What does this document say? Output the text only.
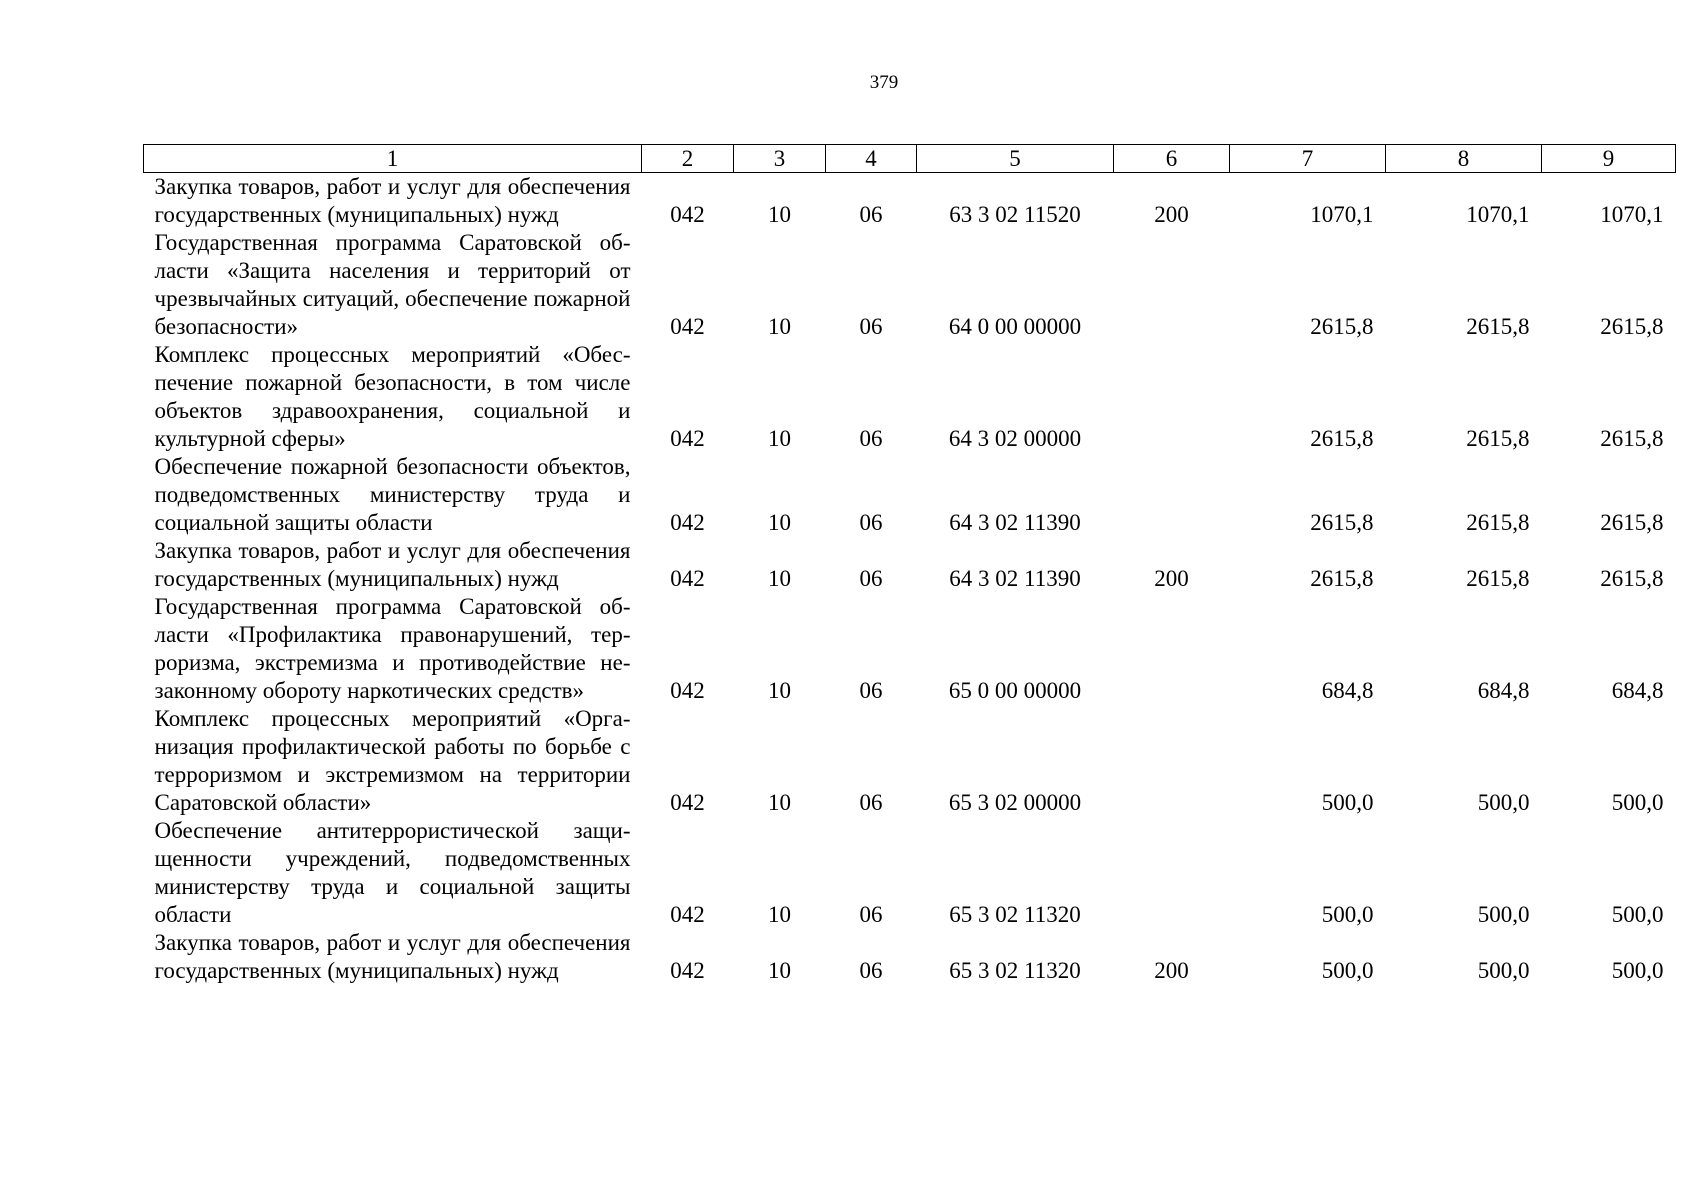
379
1	2	3	4	5	6	7	8	9
Закупка товаров, работ и услуг для обеспечения государственных (муниципальных) нужд	042	10	06	63 3 02 11520	200	1070,1	1070,1	1070,1
Государственная программа Саратовской области «Защита населения и территорий от чрезвычайных ситуаций, обеспечение пожарной безопасности»	042	10	06	64 0 00 00000		2615,8	2615,8	2615,8
Комплекс процессных мероприятий «Обеспечение пожарной безопасности, в том числе объектов здравоохранения, социальной и культурной сферы»	042	10	06	64 3 02 00000		2615,8	2615,8	2615,8
Обеспечение пожарной безопасности объектов, подведомственных министерству труда и социальной защиты области	042	10	06	64 3 02 11390		2615,8	2615,8	2615,8
Закупка товаров, работ и услуг для обеспечения государственных (муниципальных) нужд	042	10	06	64 3 02 11390	200	2615,8	2615,8	2615,8
Государственная программа Саратовской области «Профилактика правонарушений, терроризма, экстремизма и противодействие незаконному обороту наркотических средств»	042	10	06	65 0 00 00000		684,8	684,8	684,8
Комплекс процессных мероприятий «Организация профилактической работы по борьбе с терроризмом и экстремизмом на территории Саратовской области»	042	10	06	65 3 02 00000		500,0	500,0	500,0
Обеспечение антитеррористической защищенности учреждений, подведомственных министерству труда и социальной защиты области	042	10	06	65 3 02 11320		500,0	500,0	500,0
Закупка товаров, работ и услуг для обеспечения государственных (муниципальных) нужд	042	10	06	65 3 02 11320	200	500,0	500,0	500,0
